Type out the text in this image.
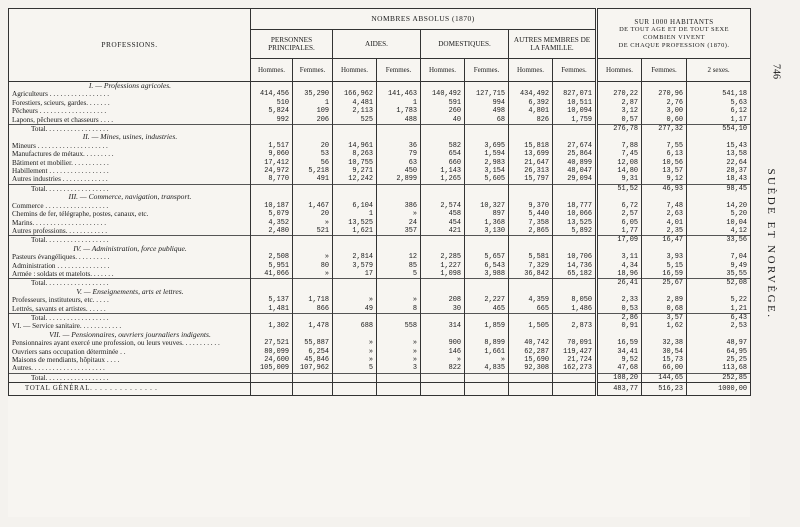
PROFESSIONS.	NOMBRES ABSOLUS (1870)								SUR 1000 HABITANTS
DE TOUT AGE ET DE TOUT SEXE
COMBIEN VIVENT
DE CHAQUE PROFESSION (1870).		

	PERSONNES PRINCIPALES.		AIDES.		DOMESTIQUES.		AUTRES MEMBRES DE LA FAMILLE.				
	Hommes.	Femmes.	Hommes.	Femmes.	Hommes.	Femmes.	Hommes.	Femmes.	Hommes.	Femmes.	2 sexes.
I. — Professions agricoles.											
Agriculteurs . . . . . . . . . . . . . . . . .	414,456	35,290	166,962	141,463	140,492	127,715	434,492	827,071	270,22	270,96	541,18
Forestiers, scieurs, gardes. . . . . . .	510	1	4,481	1	591	994	6,392	10,511	2,87	2,76	5,63
Pêcheurs . . . . . . . . . . . . . . . . . . .	5,824	109	2,113	1,783	260	498	4,801	10,094	3,12	3,00	6,12
Lapons, pêcheurs et chasseurs . . . .	992	206	525	488	40	68	826	1,759	0,57	0,60	1,17
Total. . . . . . . . . . . . . . . . . .									276,78	277,32	554,10
II. — Mines, usines, industries.											
Mineurs . . . . . . . . . . . . . . . . . . . .	1,517	20	14,961	36	582	3,695	15,818	27,674	7,88	7,55	15,43
Manufactures de métaux. . . . . . . . .	9,060	53	8,263	79	654	1,594	13,699	25,864	7,45	6,13	13,58
Bâtiment et mobilier. . . . . . . . . . .	17,412	56	10,755	63	660	2,983	21,647	40,899	12,08	10,56	22,64
Habillement . . . . . . . . . . . . . . . . .	24,972	5,218	9,271	450	1,143	3,154	26,313	48,047	14,80	13,57	28,37
Autres industries . . . . . . . . . . . . .	8,770	491	12,242	2,899	1,265	5,605	15,797	29,094	9,31	9,12	18,43
Total. . . . . . . . . . . . . . . . . .									51,52	46,93	98,45
III. — Commerce, navigation, transport.											
Commerce . . . . . . . . . . . . . . . . . .	10,187	1,467	6,104	386	2,574	10,327	9,370	18,777	6,72	7,48	14,20
Chemins de fer, télégraphe, postes, canaux, etc.	5,079	20	1	»	458	897	5,440	10,066	2,57	2,63	5,20
Marins. . . . . . . . . . . . . . . . . . . . .	4,352	»	13,525	24	454	1,368	7,358	13,525	6,05	4,01	10,04
Autres professions. . . . . . . . . . . .	2,480	521	1,621	357	421	3,130	2,865	5,892	1,77	2,35	4,12
Total. . . . . . . . . . . . . . . . . .									17,09	16,47	33,56
IV. — Administration, force publique.											
Pasteurs évangéliques. . . . . . . . . .	2,508	»	2,814	12	2,285	5,657	5,581	10,706	3,11	3,93	7,04
Administration . . . . . . . . . . . . . . .	5,951	80	3,579	85	1,227	6,543	7,329	14,736	4,34	5,15	9,49
Armée : soldats et matelots. . . . . . .	41,066	»	17	5	1,098	3,988	36,842	65,182	18,96	16,59	35,55
Total. . . . . . . . . . . . . . . . . .									26,41	25,67	52,08
V. — Enseignements, arts et lettres.											
Professeurs, instituteurs, etc. . . . .	5,137	1,718	»	»	208	2,227	4,359	8,050	2,33	2,89	5,22
Lettrés, savants et artistes. . . . . .	1,481	866	49	8	30	465	665	1,486	0,53	0,68	1,21
Total. . . . . . . . . . . . . . . . . .									2,86	3,57	6,43
VI. — Service sanitaire. . . . . . . . . . . .	1,302	1,478	688	558	314	1,859	1,505	2,873	0,91	1,62	2,53
VII. — Pensionnaires, ouvriers journaliers indigents.											
Pensionnaires ayant exercé une profession, ou leurs veuves. . . . . . . . . . .	27,521	55,887	»	»	900	8,899	40,742	70,091	16,59	32,38	48,97
Ouvriers sans occupation déterminée . .	80,099	6,254	»	»	146	1,661	62,287	119,427	34,41	30,54	64,95
Maisons de mendiants, hôpitaux . . . .	24,600	45,846	»	»	»	»	15,690	21,724	9,52	15,73	25,25
Autres. . . . . . . . . . . . . . . . . . . . .	105,009	107,962	5	3	822	4,835	92,308	162,273	47,68	66,00	113,68
Total. . . . . . . . . . . . . . . . . .									108,20	144,65	252,85
TOTAL GÉNÉRAL. . . . . . . . . . . . . .									483,77	516,23	1000,00
746
SUÈDE ET NORVÈGE.
